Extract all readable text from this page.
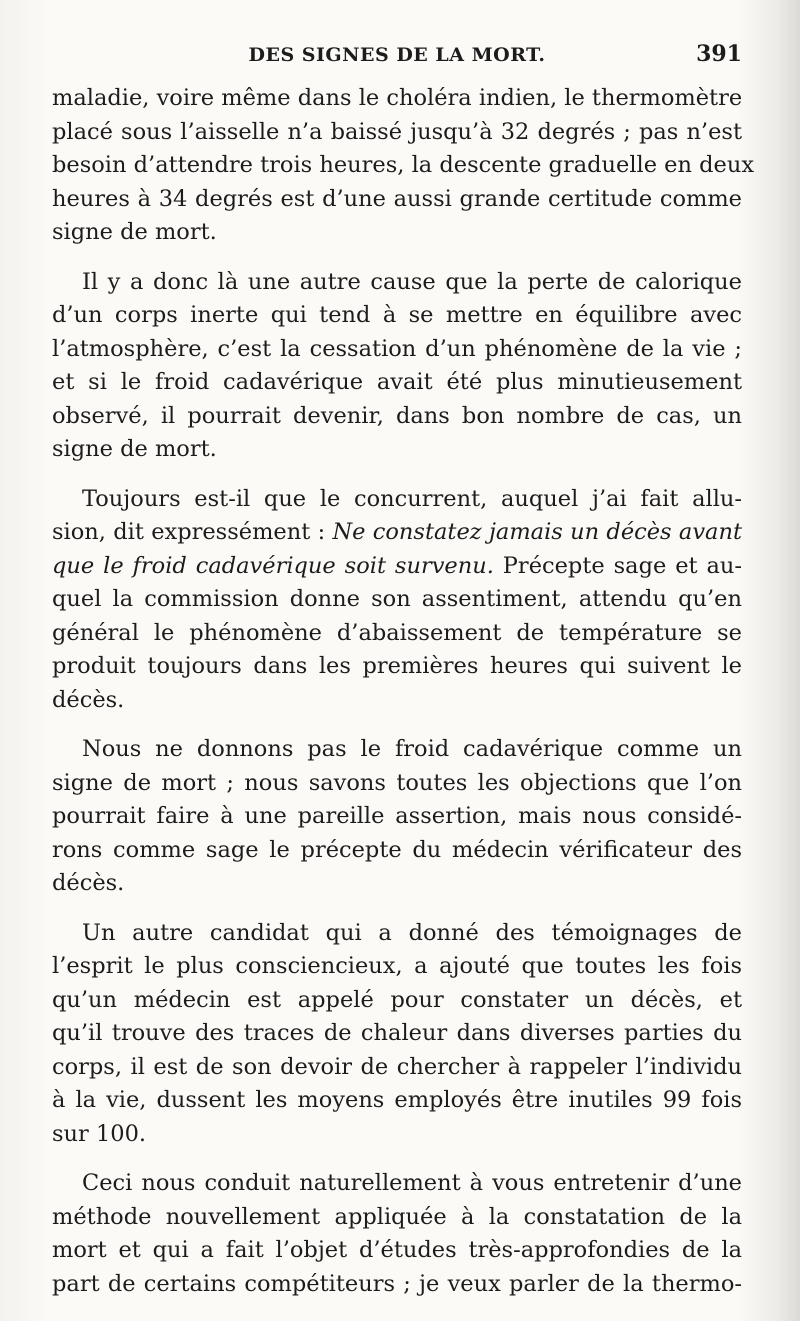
DES SIGNES DE LA MORT.	391
maladie, voire même dans le choléra indien, le thermomètre
placé sous l’aisselle n’a baissé jusqu’à 32 degrés ; pas n’est
besoin d’attendre trois heures, la descente graduelle en deux
heures à 34 degrés est d’une aussi grande certitude comme
signe de mort.
Il y a donc là une autre cause que la perte de calorique
d’un corps inerte qui tend à se mettre en équilibre avec
l’atmosphère, c’est la cessation d’un phénomène de la vie ;
et si le froid cadavérique avait été plus minutieusement
observé, il pourrait devenir, dans bon nombre de cas, un
signe de mort.
Toujours est-il que le concurrent, auquel j’ai fait allu-
sion, dit expressément : Ne constatez jamais un décès avant
que le froid cadavérique soit survenu. Précepte sage et au-
quel la commission donne son assentiment, attendu qu’en
général le phénomène d’abaissement de température se
produit toujours dans les premières heures qui suivent le
décès.
Nous ne donnons pas le froid cadavérique comme un
signe de mort ; nous savons toutes les objections que l’on
pourrait faire à une pareille assertion, mais nous considé-
rons comme sage le précepte du médecin vérificateur des
décès.
Un autre candidat qui a donné des témoignages de
l’esprit le plus consciencieux, a ajouté que toutes les fois
qu’un médecin est appelé pour constater un décès, et
qu’il trouve des traces de chaleur dans diverses parties du
corps, il est de son devoir de chercher à rappeler l’individu
à la vie, dussent les moyens employés être inutiles 99 fois
sur 100.
Ceci nous conduit naturellement à vous entretenir d’une
méthode nouvellement appliquée à la constatation de la
mort et qui a fait l’objet d’études très-approfondies de la
part de certains compétiteurs ; je veux parler de la thermo-
